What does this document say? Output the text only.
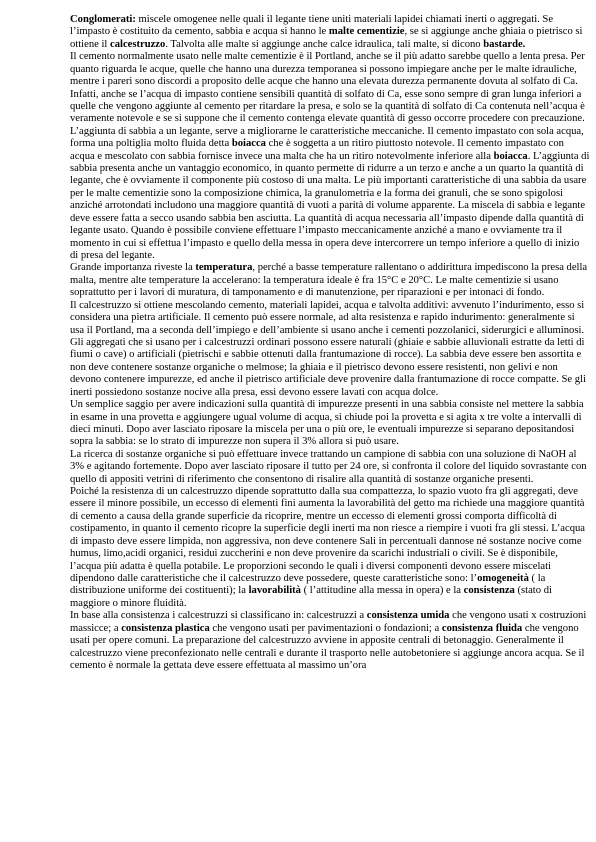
Conglomerati: miscele omogenee nelle quali il legante tiene uniti materiali lapidei chiamati inerti o aggregati. Se l’impasto è costituito da cemento, sabbia e acqua si hanno le malte cementizie, se si aggiunge anche ghiaia o pietrisco si ottiene il calcestruzzo. Talvolta alle malte si aggiunge anche calce idraulica, tali malte, si dicono bastarde.
Il cemento normalmente usato nelle malte cementizie è il Portland, anche se il più adatto sarebbe quello a lenta presa. Per quanto riguarda le acque, quelle che hanno una durezza temporanea si possono impiegare anche per le malte idrauliche, mentre i pareri sono discordi a proposito delle acque che hanno una elevata durezza permanente dovuta al solfato di Ca. Infatti, anche se l’acqua di impasto contiene sensibili quantità di solfato di Ca, esse sono sempre di gran lunga inferiori a quelle che vengono aggiunte al cemento per ritardare la presa, e solo se la quantità di solfato di Ca contenuta nell’acqua è veramente notevole e se si suppone che il cemento contenga elevate quantità di gesso occorre procedere con precauzione.
L’aggiunta di sabbia a un legante, serve a migliorarne le caratteristiche meccaniche. Il cemento impastato con sola acqua, forma una poltiglia molto fluida detta boiacca che è soggetta a un ritiro piuttosto notevole. Il cemento impastato con acqua e mescolato con sabbia fornisce invece una malta che ha un ritiro notevolmente inferiore alla boiacca. L’aggiunta di sabbia presenta anche un vantaggio economico, in quanto permette di ridurre a un terzo e anche a un quarto la quantità di legante, che è ovviamente il componente più costoso di una malta. Le più importanti caratteristiche di una sabbia da usare per le malte cementizie sono la composizione chimica, la granulometria e la forma dei granuli, che se sono spigolosi anziché arrotondati includono una maggiore quantità di vuoti a parità di volume apparente. La miscela di sabbia e legante deve essere fatta a secco usando sabbia ben asciutta. La quantità di acqua necessaria all’impasto dipende dalla quantità di legante usato. Quando è possibile conviene effettuare l’impasto meccanicamente anziché a mano e ovviamente tra il momento in cui si effettua l’impasto e quello della messa in opera deve intercorrere un tempo inferiore a quello di inizio di presa del legante.
Grande importanza riveste la temperatura, perché a basse temperature rallentano o addirittura impediscono la presa della malta, mentre alte temperature la accelerano: la temperatura ideale è fra 15°C e 20°C. Le malte cementizie si usano soprattutto per i lavori di muratura, di tamponamento e di manutenzione, per riparazioni e per intonaci di fondo.
Il calcestruzzo si ottiene mescolando cemento, materiali lapidei, acqua e talvolta additivi: avvenuto l’indurimento, esso si considera una pietra artificiale. Il cemento può essere normale, ad alta resistenza e rapido indurimento: generalmente si usa il Portland, ma a seconda dell’impiego e dell’ambiente si usano anche i cementi pozzolanici, siderurgici e alluminosi. Gli aggregati che si usano per i calcestruzzi ordinari possono essere naturali (ghiaie e sabbie alluvionali estratte da letti di fiumi o cave) o artificiali (pietrischi e sabbie ottenuti dalla frantumazione di rocce). La sabbia deve essere ben assortita e non deve contenere sostanze organiche o melmose; la ghiaia e il pietrisco devono essere resistenti, non gelivi e non devono contenere impurezze, ed anche il pietrisco artificiale deve provenire dalla frantumazione di rocce compatte. Se gli inerti possiedono sostanze nocive alla presa, essi devono essere lavati con acqua dolce.
Un semplice saggio per avere indicazioni sulla quantità di impurezze presenti in una sabbia consiste nel mettere la sabbia in esame in una provetta e aggiungere ugual volume di acqua, si chiude poi la provetta e si agita x tre volte a intervalli di dieci minuti. Dopo aver lasciato riposare la miscela per una o più ore, le eventuali impurezze si separano depositandosi sopra la sabbia: se lo strato di impurezze non supera il 3% allora si può usare.
La ricerca di sostanze organiche si può effettuare invece trattando un campione di sabbia con una soluzione di NaOH al 3% e agitando fortemente. Dopo aver lasciato riposare il tutto per 24 ore, si confronta il colore del liquido sovrastante con quello di appositi vetrini di riferimento che consentono di risalire alla quantità di sostanze organiche presenti.
Poiché la resistenza di un calcestruzzo dipende soprattutto dalla sua compattezza, lo spazio vuoto fra gli aggregati, deve essere il minore possibile, un eccesso di elementi fini aumenta la lavorabilità del getto ma richiede una maggiore quantità di cemento a causa della grande superficie da ricoprire, mentre un eccesso di elementi grossi comporta difficoltà di costipamento, in quanto il cemento ricopre la superficie degli inerti ma non riesce a riempire i vuoti fra gli stessi. L’acqua di impasto deve essere limpida, non aggressiva, non deve contenere Sali in percentuali dannose né sostanze nocive come humus, limo,acidi organici, residui zuccherini e non deve provenire da scarichi industriali o civili. Se è disponibile, l’acqua più adatta è quella potabile. Le proporzioni secondo le quali i diversi componenti devono essere miscelati dipendono dalle caratteristiche che il calcestruzzo deve possedere, queste caratteristiche sono: l’omogeneità ( la distribuzione uniforme dei costituenti); la lavorabilità ( l’attitudine alla messa in opera) e la consistenza (stato di maggiore o minore fluidità.
In base alla consistenza i calcestruzzi si classificano in: calcestruzzi a consistenza umida che vengono usati x costruzioni massicce; a consistenza plastica che vengono usati per pavimentazioni o fondazioni; a consistenza fluida che vengono usati per opere comuni. La preparazione del calcestruzzo avviene in apposite centrali di betonaggio. Generalmente il calcestruzzo viene preconfezionato nelle centrali e durante il trasporto nelle autobetoniere si aggiunge ancora acqua. Se il cemento è normale la gettata deve essere effettuata al massimo un’ora
